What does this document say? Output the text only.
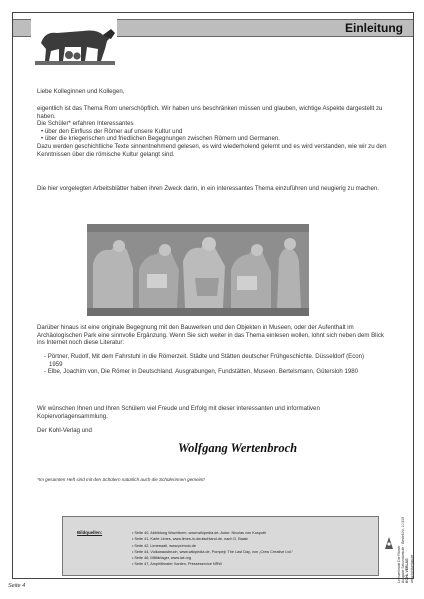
Einleitung
Liebe Kolleginnen und Kollegen,
eigentlich ist das Thema Rom unerschöpflich. Wir haben uns beschränken müssen und glauben, wichtige Aspekte dargestellt zu haben.
Die Schüler* erfahren Interessantes
• über den Einfluss der Römer auf unsere Kultur und
• über die kriegerischen und friedlichen Begegnungen zwischen Römern und Germanen.
Dazu werden geschichtliche Texte sinnentnehmend gelesen, es wird wiederholend gelernt und es wird verstanden, wie wir zu den Kenntnissen über die römische Kultur gelangt sind.
Die hier vorgelegten Arbeitsblätter haben ihren Zweck darin, in ein interessantes Thema einzuführen und neugierig zu machen.
Darüber hinaus ist eine originale Begegnung mit den Bauwerken und den Objekten in Museen, oder der Aufenthalt im Archäologischen Park eine sinnvolle Ergänzung. Wenn Sie sich weiter in das Thema einlesen wollen, lohnt sich neben dem Blick ins Internet noch diese Literatur:
- Pörtner, Rudolf, Mit dem Fahrstuhl in die Römerzeit. Städte und Stätten deutscher Frühgeschichte. Düsseldorf (Econ) 1959
- Elbe, Joachim von, Die Römer in Deutschland. Ausgrabungen, Fundstätten, Museen. Bertelsmann, Gütersloh 1980
Wir wünschen Ihnen und Ihren Schülern viel Freude und Erfolg mit dieser interessanten und informativen Kopiervorlagensammlung.
Der Kohl-Verlag und
Wolfgang Wertenbroch
*Im gesamten Heft sind mit den Schülern natürlich auch die Schülerinnen gemeint!
Bildquellen:
•	Seite 40, Abbildung Wachtturm, www.wikipedia.de, Autor: Nicolas von Kospoth
• Seite 41, Karte Limes, www.limes-in-deutschland.de, nach D. Baatz
• Seite 42, Limeswall, www.primolo.de
• Seite 44, Vulkanausbruch, www.wikipedia.de, Pompeji: The Last Day, von „Crew Creative Ltd.“
• Seite 46, Militärlager, www.lwl.org
• Seite 47, Amphitheater Xanten, Presseservice NRW	Lernwerkstatt Die Römer Ausgabe Sekundarstufe · Bestell-Nr. 10 819 KOHL VERLAG www.kohlverlag.de
Seite 4
